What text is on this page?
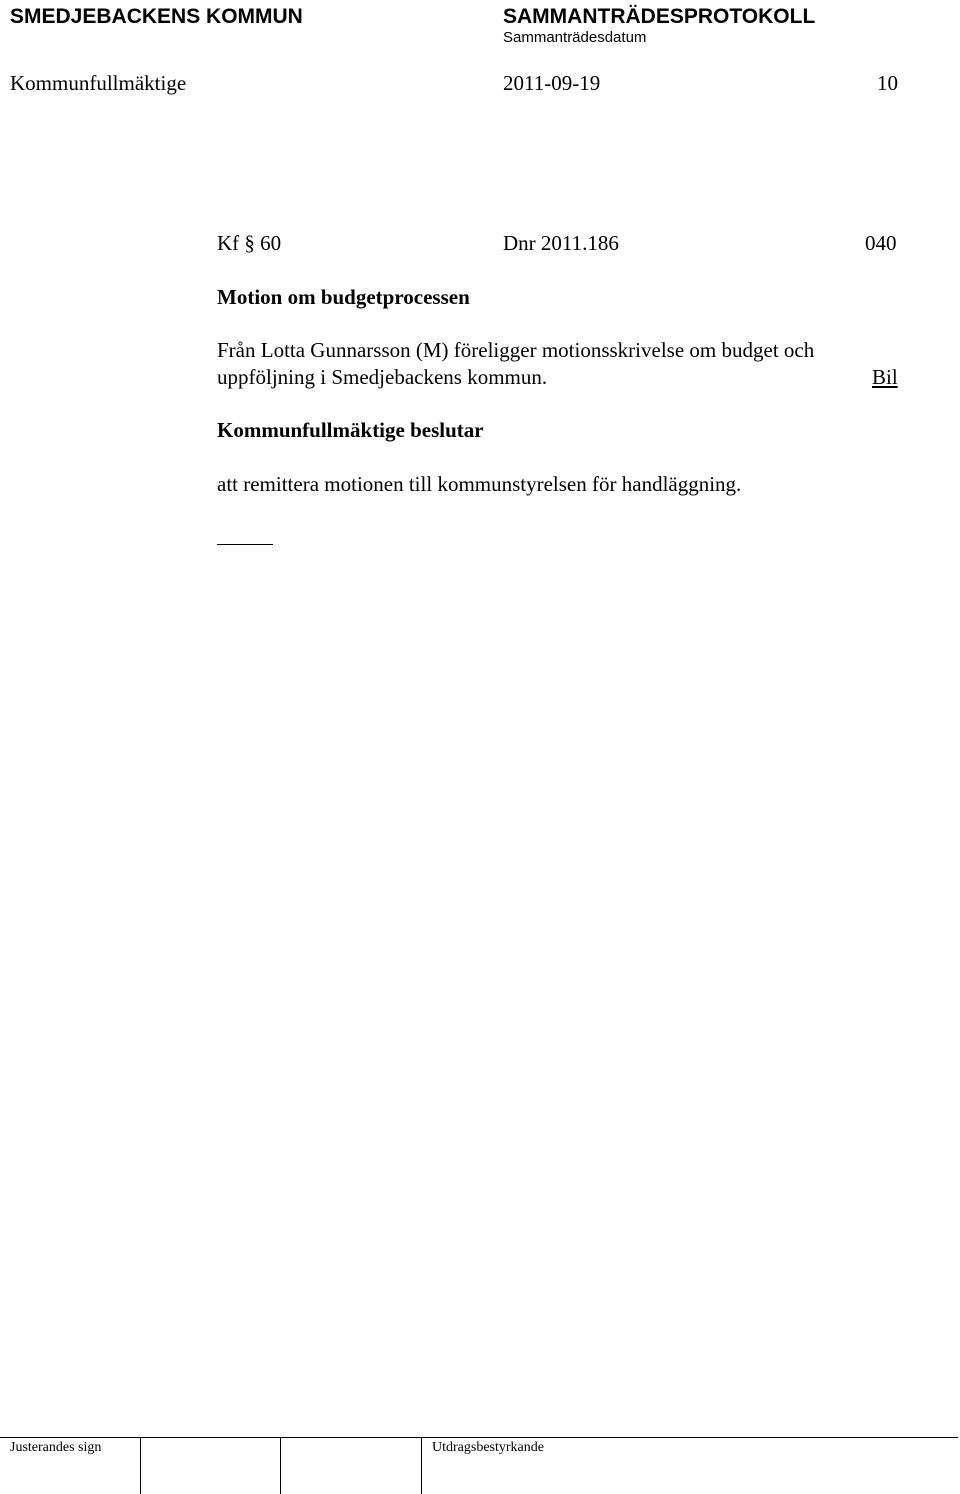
SMEDJEBACKENS KOMMUN	SAMMANTRÄDESPROTOKOLL
Sammanträdesdatum
Kommunfullmäktige	2011-09-19	10
Kf § 60	Dnr 2011.186	040
Motion om budgetprocessen
Från Lotta Gunnarsson (M) föreligger motionsskrivelse om budget och
uppföljning i Smedjebackens kommun.	Bil
Kommunfullmäktige beslutar
att remittera motionen till kommunstyrelsen för handläggning.
Justerandes sign	Utdragsbestyrkande
